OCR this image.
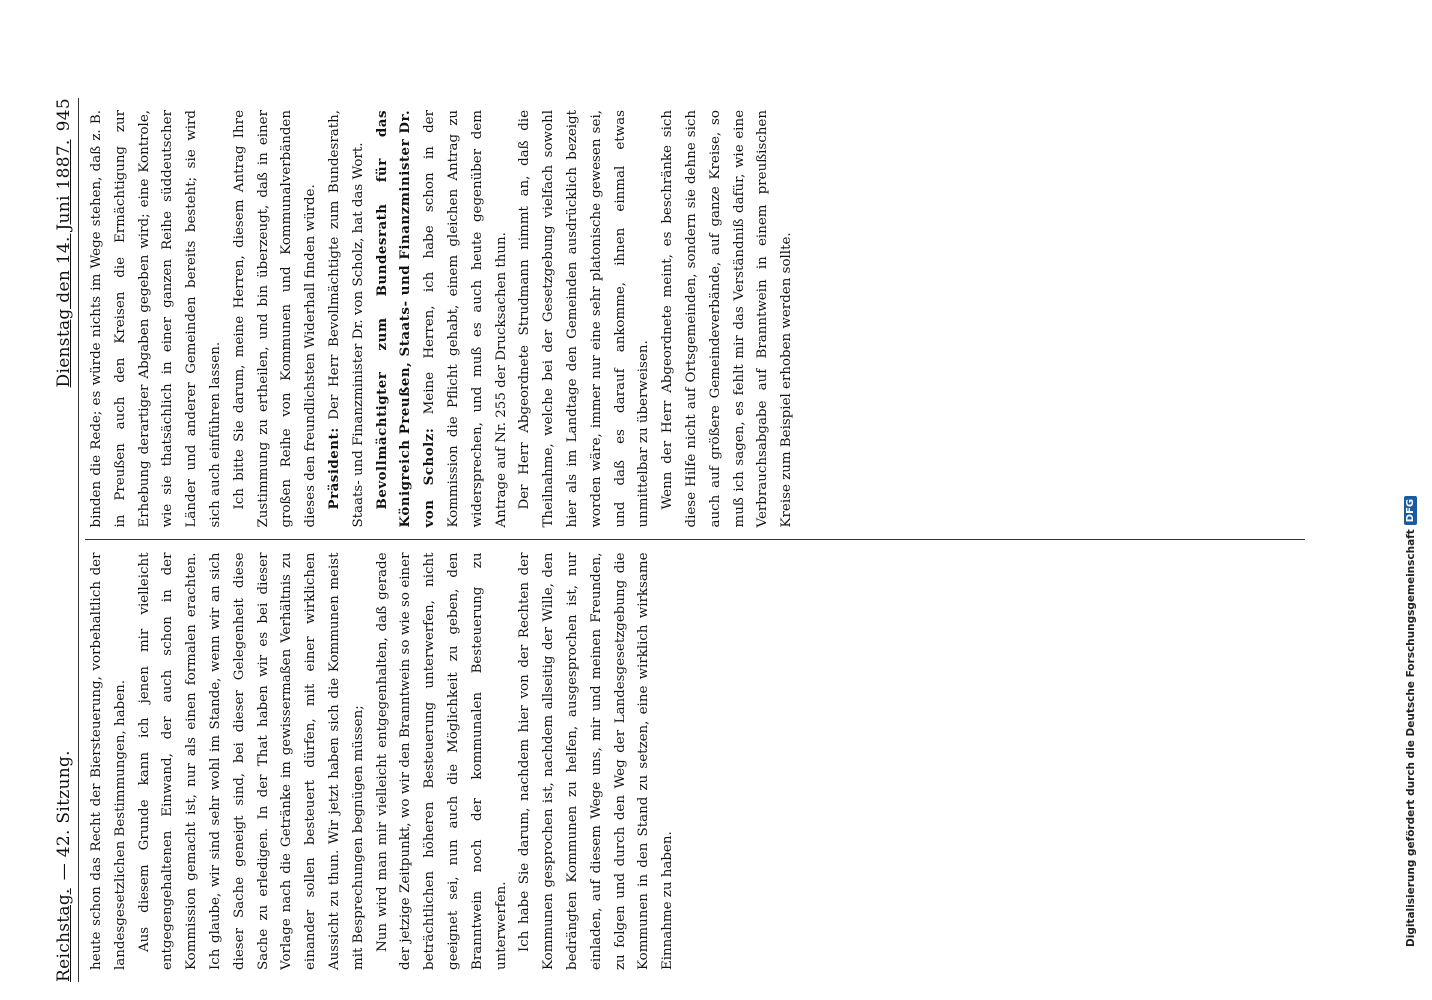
Reichstag.
— 42. Sitzung.
Dienstag den 14. Juni 1887.
945

heute schon das Recht der Biersteuerung, vorbehaltlich der landesgesetzlichen Bestimmungen, haben. Aus diesem Grunde kann ich jenen mir vielleicht entgegengehaltenen Einwand, der auch schon in der Kommission gemacht ist, nur als einen formalen erachten. Ich glaube, wir sind sehr wohl im Stande, wenn wir an sich dieser Sache geneigt sind, bei dieser Gelegenheit diese Sache zu erledigen. In der That haben wir es bei dieser Vorlage nach die Getränke im gewissermaßen Verhältnis zu einander sollen besteuert dürfen, mit einer wirklichen Aussicht zu thun. Wir jetzt haben sich die Kommunen meist mit Besprechungen begnügen müssen; Nun wird man mir vielleicht entgegenhalten, daß gerade der jetzige Zeitpunkt, wo wir den Branntwein so wie so einer beträchtlichen höheren Besteuerung unterwerfen, nicht geeignet sei, nun auch die Möglichkeit zu geben, den Branntwein noch der kommunalen Besteuerung zu unterwerfen. Ich habe Sie darum, nachdem hier von der Rechten der Kommunen gesprochen ist, nachdem allseitig der Wille, den bedrängten Kommunen zu helfen, ausgesprochen ist, nur einladen, auf diesem Wege uns, mir und meinen Freunden, zu folgen und durch den Weg der Landesgesetzgebung die Kommunen in den Stand zu setzen, eine wirklich wirksame Einnahme zu haben.

binden die Rede; es würde nichts im Wege stehen, daß z. B. in Preußen auch den Kreisen die Ermächtigung zur Erhebung derartiger Abgaben gegeben wird; eine Kontrole, wie sie thatsächlich in einer ganzen Reihe süddeutscher Länder und anderer Gemeinden bereits besteht; sie wird sich auch einführen lassen. Ich bitte Sie darum, meine Herren, diesem Antrag Ihre Zustimmung zu ertheilen, und bin überzeugt, daß in einer großen Reihe von Kommunen und Kommunalverbänden dieses den freundlichsten Widerhall finden würde. Präsident: Der Herr Bevollmächtigte zum Bundesrath, Staats- und Finanzminister Dr. von Scholz, hat das Wort. Bevollmächtigter zum Bundesrath für das Königreich Preußen, Staats- und Finanzminister Dr. von Scholz: Meine Herren, ich habe schon in der Kommission die Pflicht gehabt, einem gleichen Antrag zu widersprechen, und muß es auch heute gegenüber dem Antrage auf Nr. 255 der Drucksachen thun. Der Herr Abgeordnete Strudmann nimmt an, daß die Theilnahme, welche bei der Gesetzgebung vielfach sowohl hier als im Landtage den Gemeinden ausdrücklich bezeigt worden wäre, immer nur eine sehr platonische gewesen sei, und daß es darauf ankomme, ihnen einmal etwas unmittelbar zu überweisen. Wenn der Herr Abgeordnete meint, es beschränke sich diese Hilfe nicht auf Ortsgemeinden, sondern sie dehne sich auch auf größere Gemeindeverbände, auf ganze Kreise, so muß ich sagen, es fehlt mir das Verständniß dafür, wie eine Verbrauchsabgabe auf Branntwein in einem preußischen Kreise zum Beispiel erhoben werden sollte.

Digitalisierung gefördert durch die Deutsche Forschungsgemeinschaft
DFG
